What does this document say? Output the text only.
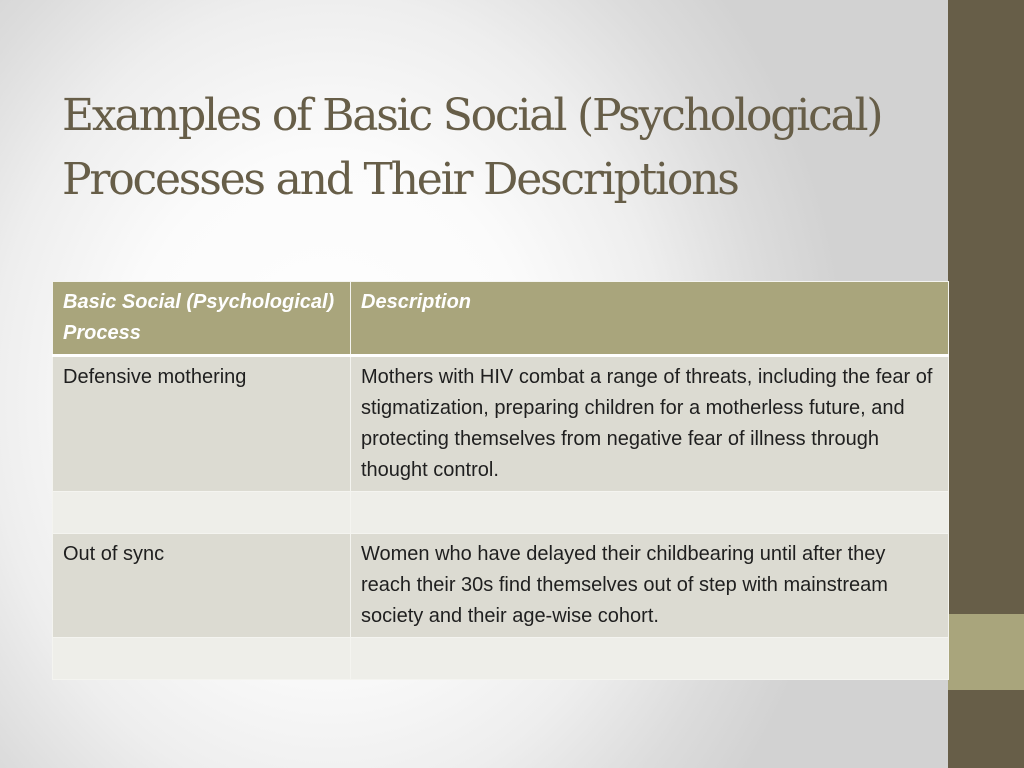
Examples of Basic Social (Psychological)
Processes and Their Descriptions
Basic Social (Psychological) Process	Description
Defensive mothering	Mothers with HIV combat a range of threats, including the fear of stigmatization, preparing children for a motherless future, and protecting themselves from negative fear of illness through thought control.

Out of sync	Women who have delayed their childbearing until after they reach their 30s find themselves out of step with mainstream society and their age-wise cohort.
